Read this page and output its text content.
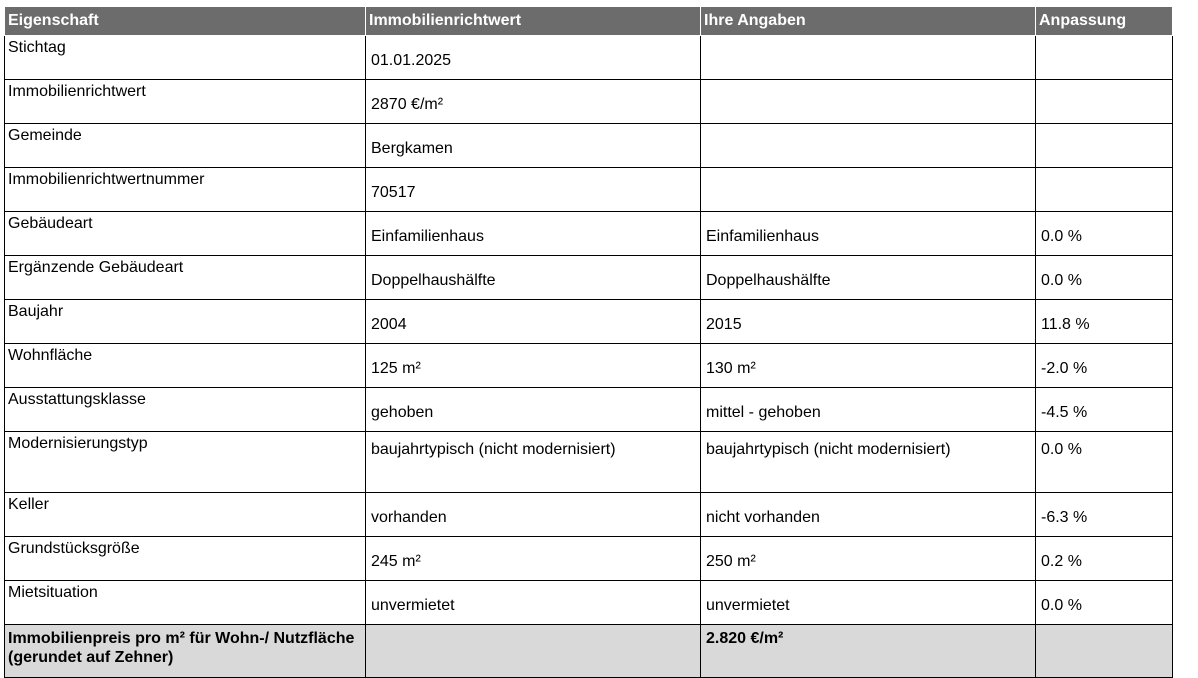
Eigenschaft	Immobilienrichtwert	Ihre Angaben	Anpassung
Stichtag	01.01.2025		
Immobilienrichtwert	2870 €/m²		
Gemeinde	Bergkamen		
Immobilienrichtwertnummer	70517		
Gebäudeart	Einfamilienhaus	Einfamilienhaus	0.0 %
Ergänzende Gebäudeart	Doppelhaushälfte	Doppelhaushälfte	0.0 %
Baujahr	2004	2015	11.8 %
Wohnfläche	125 m²	130 m²	-2.0 %
Ausstattungsklasse	gehoben	mittel - gehoben	-4.5 %
Modernisierungstyp	baujahrtypisch (nicht modernisiert)	baujahrtypisch (nicht modernisiert)	0.0 %
Keller	vorhanden	nicht vorhanden	-6.3 %
Grundstücksgröße	245 m²	250 m²	0.2 %
Mietsituation	unvermietet	unvermietet	0.0 %
Immobilienpreis pro m² für Wohn-/ Nutzfläche (gerundet auf Zehner)		2.820 €/m²	
